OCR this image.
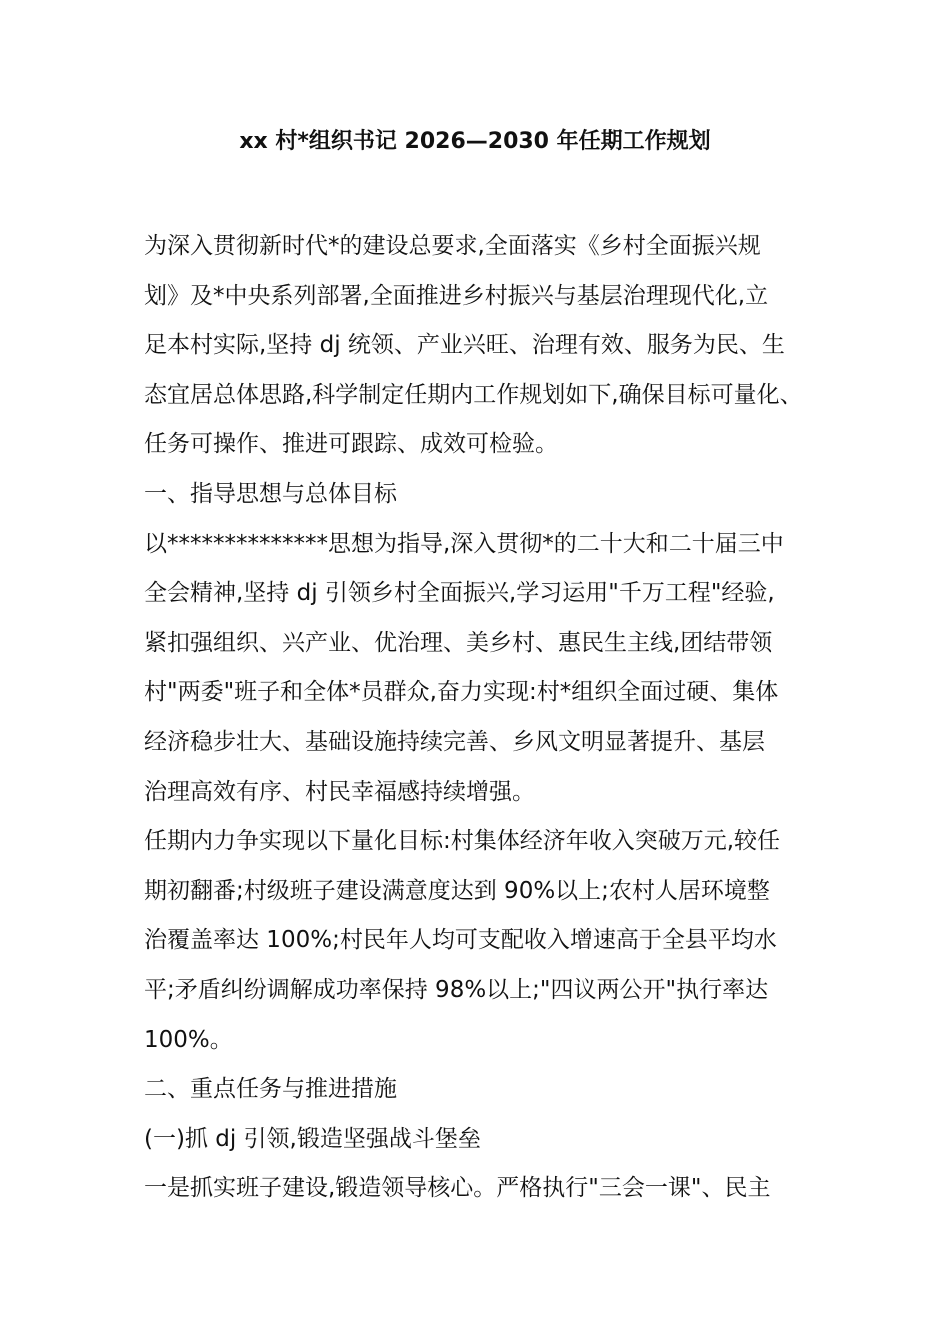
xx 村*组织书记 2026—2030 年任期工作规划
为深入贯彻新时代*的建设总要求,全面落实《乡村全面振兴规
划》及*中央系列部署,全面推进乡村振兴与基层治理现代化,立
足本村实际,坚持 dj 统领、产业兴旺、治理有效、服务为民、生
态宜居总体思路,科学制定任期内工作规划如下,确保目标可量化、
任务可操作、推进可跟踪、成效可检验。
一、指导思想与总体目标
以**************思想为指导,深入贯彻*的二十大和二十届三中
全会精神,坚持 dj 引领乡村全面振兴,学习运用"千万工程"经验,
紧扣强组织、兴产业、优治理、美乡村、惠民生主线,团结带领
村"两委"班子和全体*员群众,奋力实现:村*组织全面过硬、集体
经济稳步壮大、基础设施持续完善、乡风文明显著提升、基层
治理高效有序、村民幸福感持续增强。
任期内力争实现以下量化目标:村集体经济年收入突破万元,较任
期初翻番;村级班子建设满意度达到 90%以上;农村人居环境整
治覆盖率达 100%;村民年人均可支配收入增速高于全县平均水
平;矛盾纠纷调解成功率保持 98%以上;"四议两公开"执行率达
100%。
二、重点任务与推进措施
(一)抓 dj 引领,锻造坚强战斗堡垒
一是抓实班子建设,锻造领导核心。严格执行"三会一课"、民主
